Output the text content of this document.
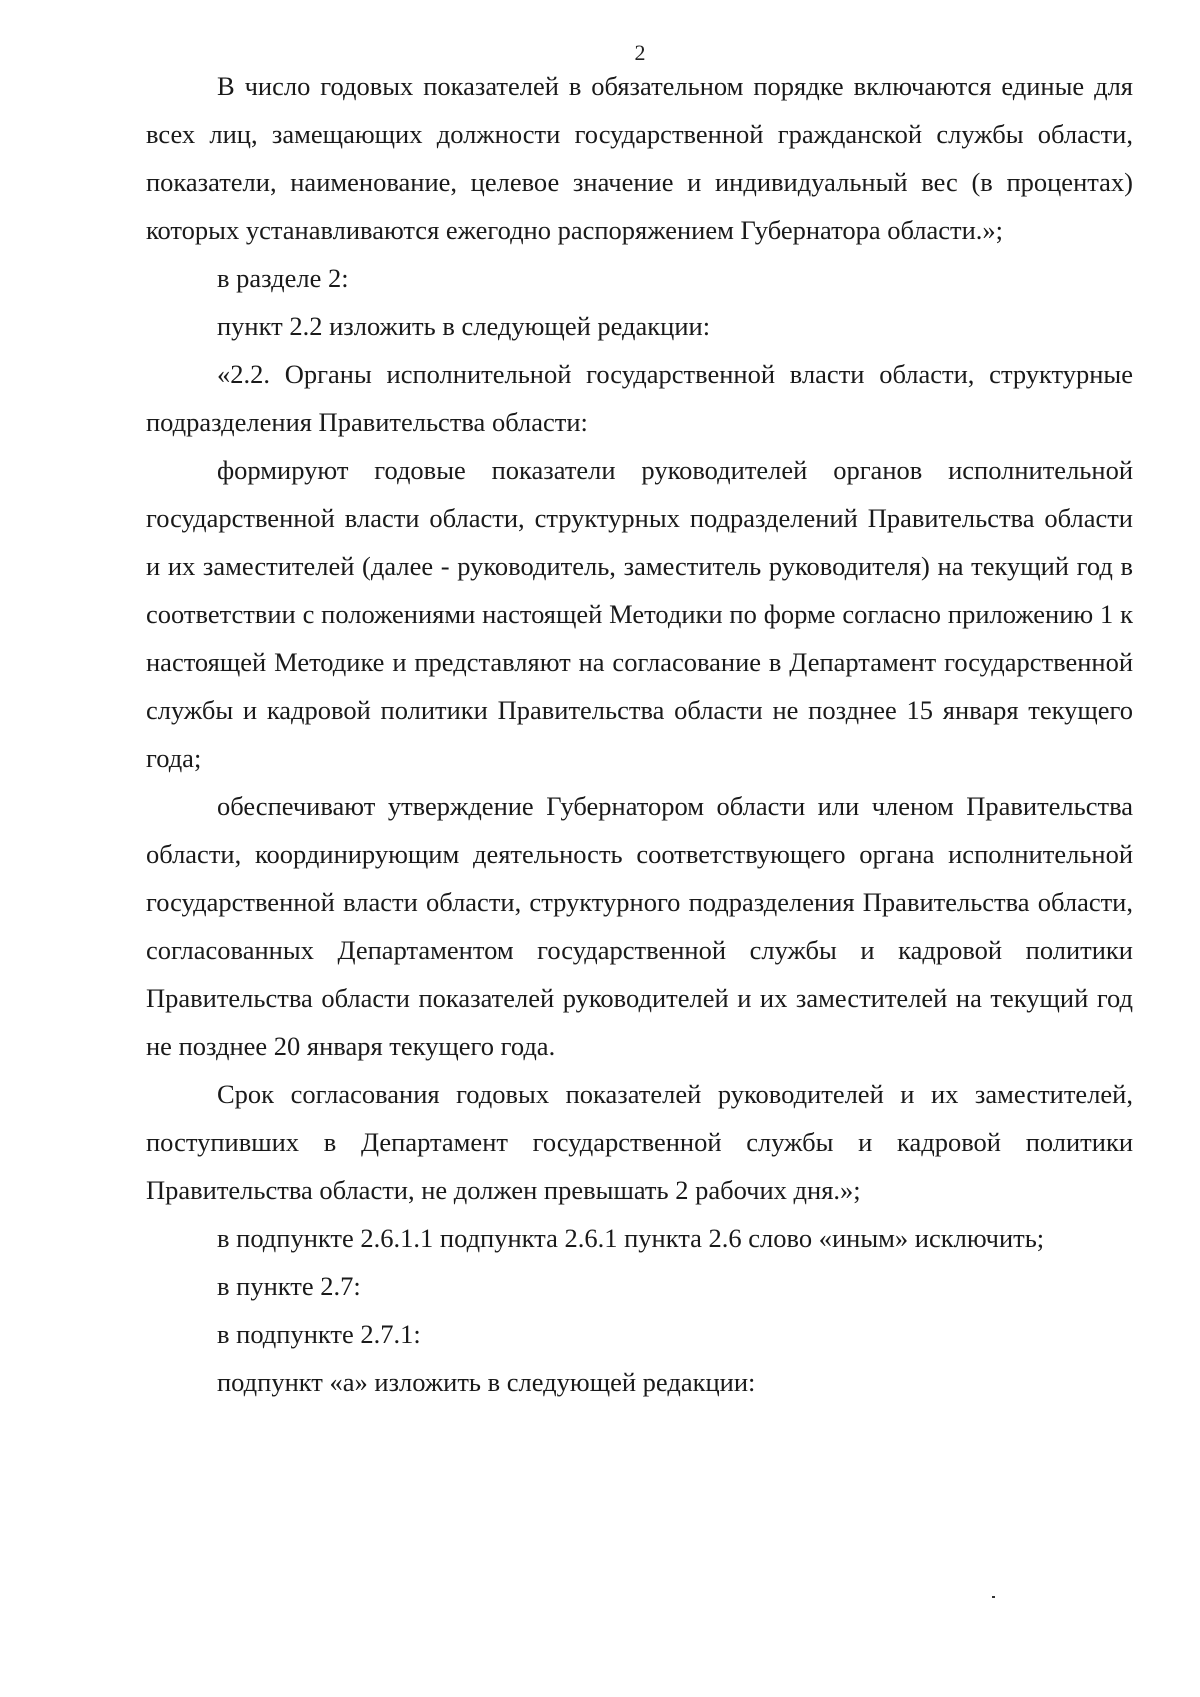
2

В число годовых показателей в обязательном порядке включаются единые для всех лиц, замещающих должности государственной гражданской службы области, показатели, наименование, целевое значение и индивидуальный вес (в процентах) которых устанавливаются ежегодно распоряжением Губернатора области.»;

в разделе 2:

пункт 2.2 изложить в следующей редакции:

«2.2. Органы исполнительной государственной власти области, структурные подразделения Правительства области:

формируют годовые показатели руководителей органов исполнительной государственной власти области, структурных подразделений Правительства области и их заместителей (далее - руководитель, заместитель руководителя) на текущий год в соответствии с положениями настоящей Методики по форме согласно приложению 1 к настоящей Методике и представляют на согласование в Департамент государственной службы и кадровой политики Правительства области не позднее 15 января текущего года;

обеспечивают утверждение Губернатором области или членом Правительства области, координирующим деятельность соответствующего органа исполнительной государственной власти области, структурного подразделения Правительства области, согласованных Департаментом государственной службы и кадровой политики Правительства области показателей руководителей и их заместителей на текущий год не позднее 20 января текущего года.

Срок согласования годовых показателей руководителей и их заместителей, поступивших в Департамент государственной службы и кадровой политики Правительства области, не должен превышать 2 рабочих дня.»;

в подпункте 2.6.1.1 подпункта 2.6.1 пункта 2.6 слово «иным» исключить;

в пункте 2.7:

в подпункте 2.7.1:

подпункт «а» изложить в следующей редакции:
